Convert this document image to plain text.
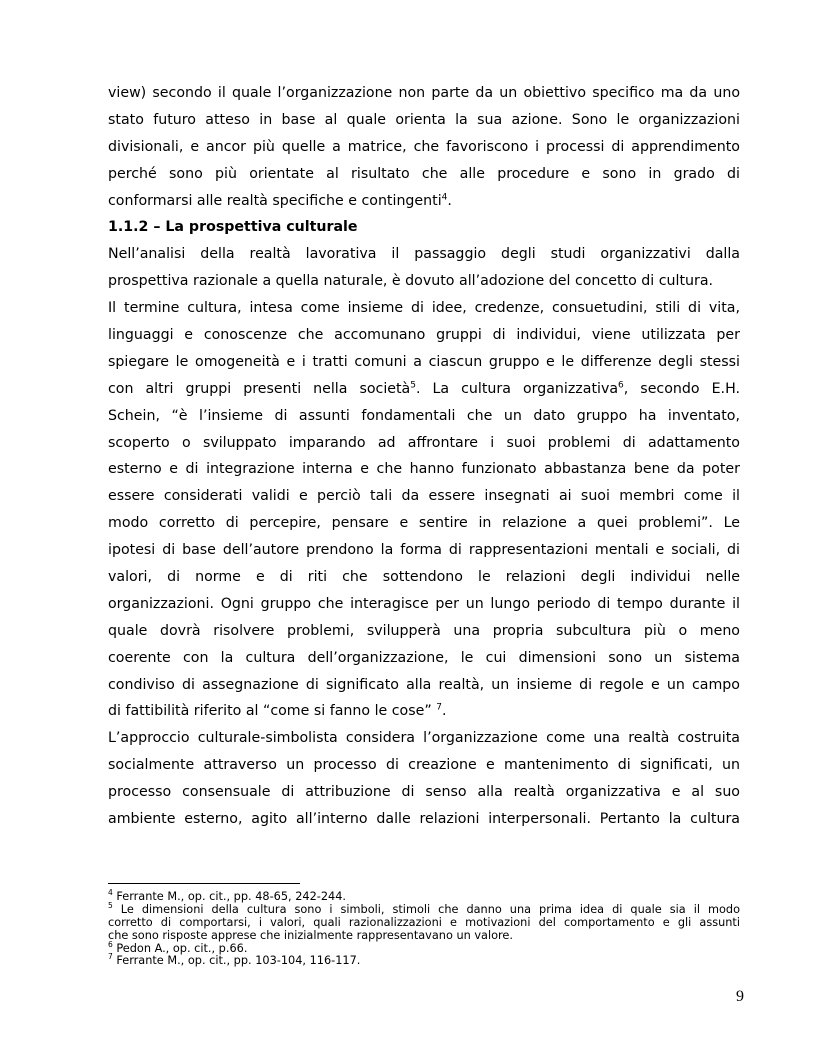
view) secondo il quale l’organizzazione non parte da un obiettivo specifico ma da uno
stato futuro atteso in base al quale orienta la sua azione. Sono le organizzazioni
divisionali, e ancor più quelle a matrice, che favoriscono i processi di apprendimento
perché sono più orientate al risultato che alle procedure e sono in grado di
conformarsi alle realtà specifiche e contingenti$^4$.
1.1.2 – La prospettiva culturale
Nell’analisi della realtà lavorativa il passaggio degli studi organizzativi dalla
prospettiva razionale a quella naturale, è dovuto all’adozione del concetto di cultura.
Il termine cultura, intesa come insieme di idee, credenze, consuetudini, stili di vita,
linguaggi e conoscenze che accomunano gruppi di individui, viene utilizzata per
spiegare le omogeneità e i tratti comuni a ciascun gruppo e le differenze degli stessi
con altri gruppi presenti nella società$^5$. La cultura organizzativa$^6$, secondo E.H.
Schein, “è l’insieme di assunti fondamentali che un dato gruppo ha inventato,
scoperto o sviluppato imparando ad affrontare i suoi problemi di adattamento
esterno e di integrazione interna e che hanno funzionato abbastanza bene da poter
essere considerati validi e perciò tali da essere insegnati ai suoi membri come il
modo corretto di percepire, pensare e sentire in relazione a quei problemi”. Le
ipotesi di base dell’autore prendono la forma di rappresentazioni mentali e sociali, di
valori, di norme e di riti che sottendono le relazioni degli individui nelle
organizzazioni. Ogni gruppo che interagisce per un lungo periodo di tempo durante il
quale dovrà risolvere problemi, svilupperà una propria subcultura più o meno
coerente con la cultura dell’organizzazione, le cui dimensioni sono un sistema
condiviso di assegnazione di significato alla realtà, un insieme di regole e un campo
di fattibilità riferito al “come si fanno le cose” $^7$.
L’approccio culturale-simbolista considera l’organizzazione come una realtà costruita
socialmente attraverso un processo di creazione e mantenimento di significati, un
processo consensuale di attribuzione di senso alla realtà organizzativa e al suo
ambiente esterno, agito all’interno dalle relazioni interpersonali. Pertanto la cultura
$^4$ Ferrante M., op. cit., pp. 48-65, 242-244.
$^5$ Le dimensioni della cultura sono i simboli, stimoli che danno una prima idea di quale sia il modo
corretto di comportarsi, i valori, quali razionalizzazioni e motivazioni del comportamento e gli assunti
che sono risposte apprese che inizialmente rappresentavano un valore.
$^6$ Pedon A., op. cit., p.66.
$^7$ Ferrante M., op. cit., pp. 103-104, 116-117.
9
